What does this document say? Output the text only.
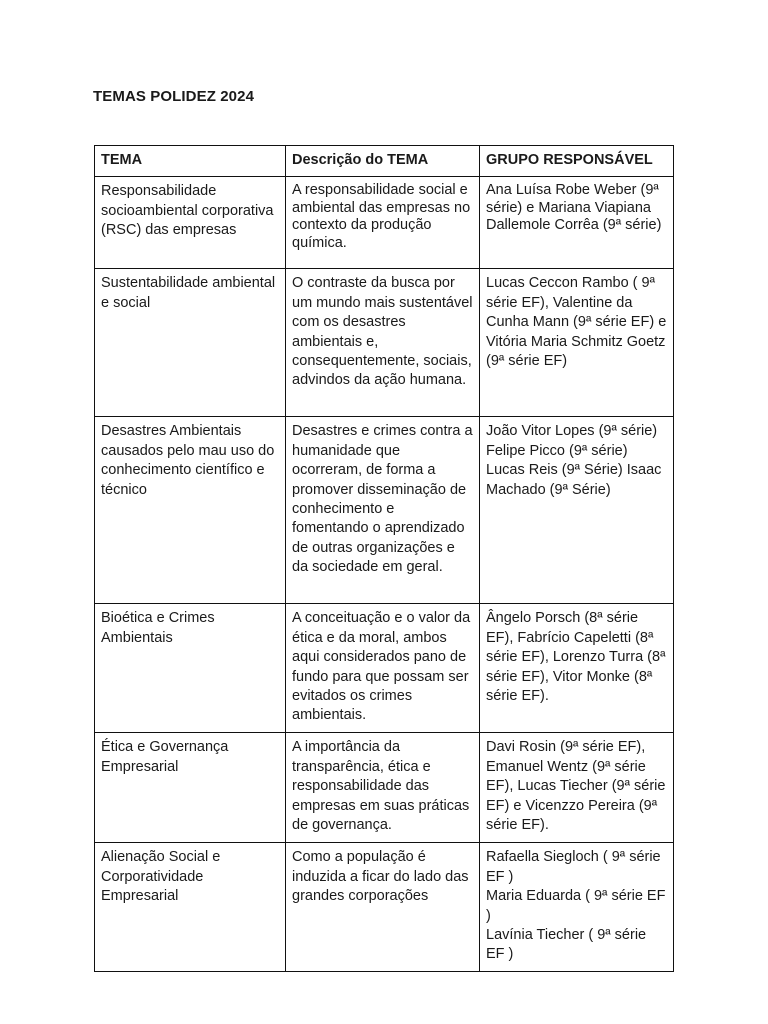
TEMAS POLIDEZ 2024
TEMA	Descrição do TEMA	GRUPO RESPONSÁVEL
Responsabilidade socioambiental corporativa (RSC) das empresas	A responsabilidade social e ambiental das empresas no contexto da produção química.	Ana Luísa Robe Weber (9ª série) e Mariana Viapiana Dallemole Corrêa (9ª série)
Sustentabilidade ambiental e social	O contraste da busca por um mundo mais sustentável com os desastres ambientais e, consequentemente, sociais, advindos da ação humana.	Lucas Ceccon Rambo ( 9ª série EF), Valentine da Cunha Mann (9ª série EF) e Vitória Maria Schmitz Goetz (9ª série EF)
Desastres Ambientais causados pelo mau uso do conhecimento científico e técnico	Desastres e crimes contra a humanidade que ocorreram, de forma a promover disseminação de conhecimento e fomentando o aprendizado de outras organizações e da sociedade em geral.	João Vitor Lopes (9ª série) Felipe Picco (9ª série) Lucas Reis (9ª Série) Isaac Machado (9ª Série)
Bioética e Crimes Ambientais	A conceituação e o valor da ética e da moral, ambos aqui considerados pano de fundo para que possam ser evitados os crimes ambientais.	Ângelo Porsch (8ª série EF), Fabrício Capeletti (8ª série EF), Lorenzo Turra (8ª série EF), Vitor Monke (8ª série EF).
Ética e Governança Empresarial	A importância da transparência, ética e responsabilidade das empresas em suas práticas de governança.	Davi Rosin (9ª série EF), Emanuel Wentz (9ª série EF), Lucas Tiecher (9ª série EF) e Vicenzzo Pereira (9ª série EF).
Alienação Social e Corporatividade Empresarial	Como a população é induzida a ficar do lado das grandes corporações	Rafaella Siegloch ( 9ª série EF )
Maria Eduarda ( 9ª série EF )
Lavínia Tiecher ( 9ª série EF )
